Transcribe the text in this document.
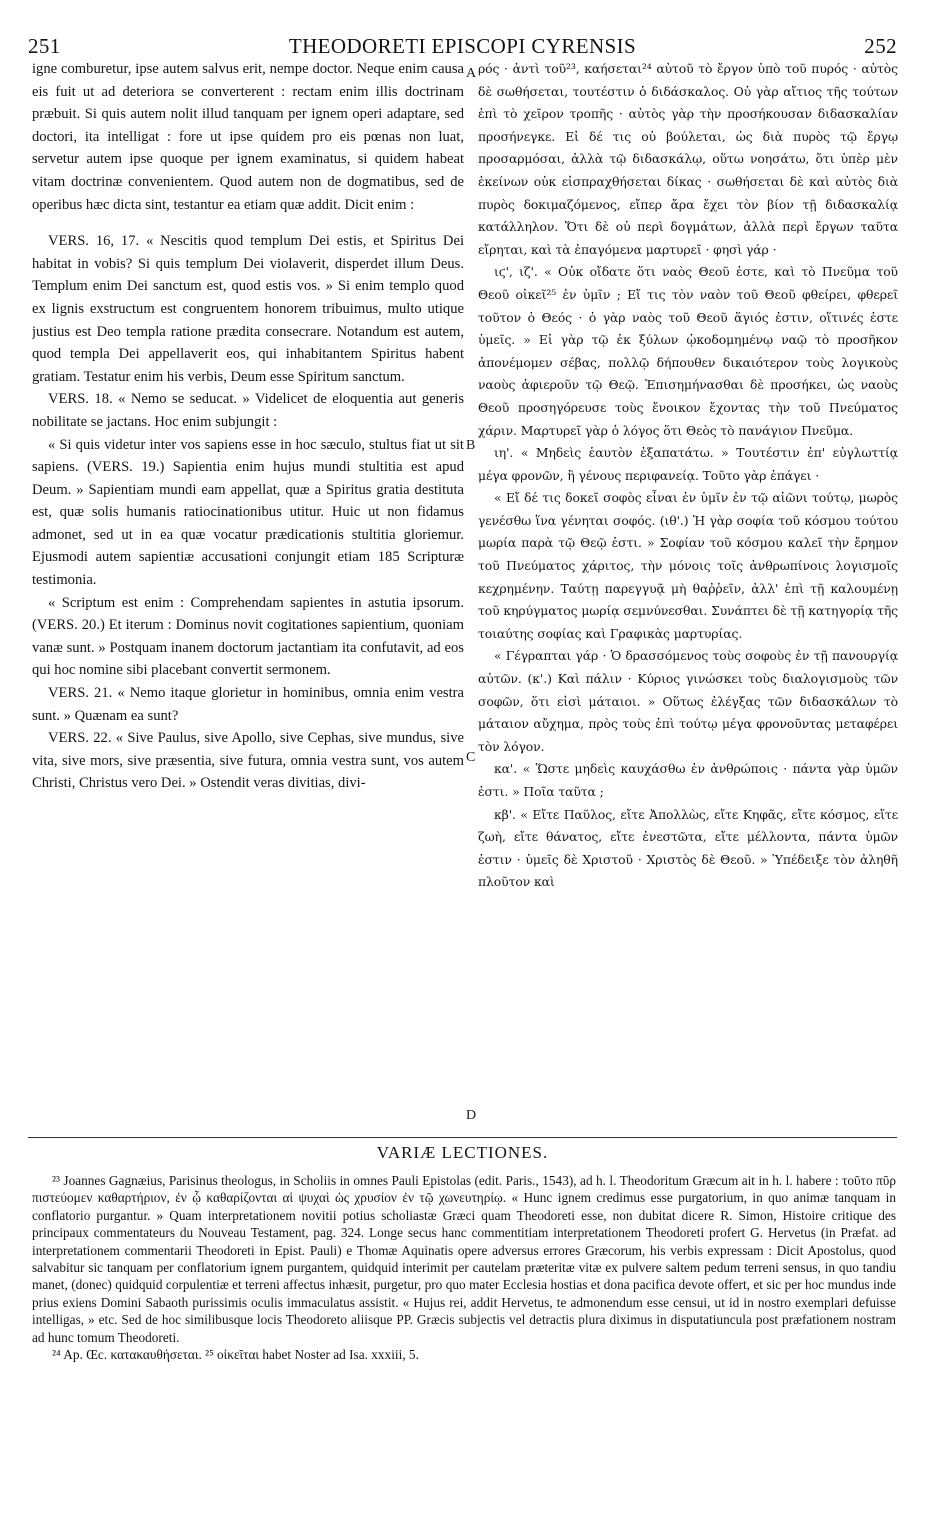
251	THEODORETI EPISCOPI CYRENSIS	252

igne comburetur, ipse autem salvus erit, nempe doctor. Neque enim causa eis fuit ut ad deteriora se converterent : rectam enim illis doctrinam præbuit. Si quis autem nolit illud tanquam per ignem operi adaptare, sed doctori, ita intelligat : fore ut ipse quidem pro eis pœnas non luat, servetur autem ipse quoque per ignem examinatus, si quidem habeat vitam doctrinæ convenientem. Quod autem non de dogmatibus, sed de operibus hæc dicta sint, testantur ea etiam quæ addit. Dicit enim :

VERS. 16, 17. « Nescitis quod templum Dei estis, et Spiritus Dei habitat in vobis? Si quis templum Dei violaverit, disperdet illum Deus. Templum enim Dei sanctum est, quod estis vos. » Si enim templo quod ex lignis exstructum est congruentem honorem tribuimus, multo utique justius est Deo templa ratione prædita consecrare. Notandum est autem, quod templa Dei appellaverit eos, qui inhabitantem Spiritus habent gratiam. Testatur enim his verbis, Deum esse Spiritum sanctum.

VERS. 18. « Nemo se seducat. » Videlicet de eloquentia aut generis nobilitate se jactans. Hoc enim subjungit :

« Si quis videtur inter vos sapiens esse in hoc sæculo, stultus fiat ut sit sapiens. (VERS. 19.) Sapientia enim hujus mundi stultitia est apud Deum. » Sapientiam mundi eam appellat, quæ a Spiritus gratia destituta est, quæ solis humanis ratiocinationibus utitur. Huic ut non fidamus admonet, sed ut in ea quæ vocatur prædicationis stultitia gloriemur. Ejusmodi autem sapientiæ accusationi conjungit etiam 185 Scripturæ testimonia.

« Scriptum est enim : Comprehendam sapientes in astutia ipsorum. (VERS. 20.) Et iterum : Dominus novit cogitationes sapientium, quoniam vanæ sunt. » Postquam inanem doctorum jactantiam ita confutavit, ad eos qui hoc nomine sibi placebant convertit sermonem.

VERS. 21. « Nemo itaque glorietur in hominibus, omnia enim vestra sunt. » Quænam ea sunt?

VERS. 22. « Sive Paulus, sive Apollo, sive Cephas, sive mundus, sive vita, sive mors, sive præsentia, sive futura, omnia vestra sunt, vos autem Christi, Christus vero Dei. » Ostendit veras divitias, divi-

A
B
C
D

ρός · ἀντὶ τοῦ²³, καήσεται²⁴ αὐτοῦ τὸ ἔργον ὑπὸ τοῦ πυρός · αὐτὸς δὲ σωθήσεται, τουτέστιν ὁ διδάσκαλος. Οὐ γὰρ αἴτιος τῆς τούτων ἐπὶ τὸ χεῖρον τροπῆς · αὐτὸς γὰρ τὴν προσήκουσαν διδασκαλίαν προσήνεγκε. Εἰ δέ τις οὐ βούλεται, ὡς διὰ πυρὸς τῷ ἔργῳ προσαρμόσαι, ἀλλὰ τῷ διδασκάλῳ, οὕτω νοησάτω, ὅτι ὑπὲρ μὲν ἐκείνων οὐκ εἰσπραχθήσεται δίκας · σωθήσεται δὲ καὶ αὐτὸς διὰ πυρὸς δοκιμαζόμενος, εἴπερ ἄρα ἔχει τὸν βίον τῇ διδασκαλίᾳ κατάλληλον. Ὅτι δὲ οὐ περὶ δογμάτων, ἀλλὰ περὶ ἔργων ταῦτα εἴρηται, καὶ τὰ ἐπαγόμενα μαρτυρεῖ · φησὶ γάρ ·

ιϛ', ιζ'. « Οὐκ οἴδατε ὅτι ναὸς Θεοῦ ἐστε, καὶ τὸ Πνεῦμα τοῦ Θεοῦ οἰκεῖ²⁵ ἐν ὑμῖν ; Εἴ τις τὸν ναὸν τοῦ Θεοῦ φθείρει, φθερεῖ τοῦτον ὁ Θεός · ὁ γὰρ ναὸς τοῦ Θεοῦ ἅγιός ἐστιν, οἵτινές ἐστε ὑμεῖς. » Εἰ γὰρ τῷ ἐκ ξύλων ᾠκοδομημένῳ ναῷ τὸ προσῆκον ἀπονέμομεν σέβας, πολλῷ δήπουθεν δικαιότερον τοὺς λογικοὺς ναοὺς ἀφιεροῦν τῷ Θεῷ. Ἐπισημήνασθαι δὲ προσήκει, ὡς ναοὺς Θεοῦ προσηγόρευσε τοὺς ἔνοικον ἔχοντας τὴν τοῦ Πνεύματος χάριν. Μαρτυρεῖ γὰρ ὁ λόγος ὅτι Θεὸς τὸ πανάγιον Πνεῦμα.

ιη'. « Μηδεὶς ἑαυτὸν ἐξαπατάτω. » Τουτέστιν ἐπ' εὐγλωττίᾳ μέγα φρονῶν, ἢ γένους περιφανείᾳ. Τοῦτο γὰρ ἐπάγει ·

« Εἴ δέ τις δοκεῖ σοφὸς εἶναι ἐν ὑμῖν ἐν τῷ αἰῶνι τούτῳ, μωρὸς γενέσθω ἵνα γένηται σοφός. (ιθ'.) Ἡ γὰρ σοφία τοῦ κόσμου τούτου μωρία παρὰ τῷ Θεῷ ἐστι. » Σοφίαν τοῦ κόσμου καλεῖ τὴν ἔρημον τοῦ Πνεύματος χάριτος, τὴν μόνοις τοῖς ἀνθρωπίνοις λογισμοῖς κεχρημένην. Ταύτῃ παρεγγυᾷ μὴ θαῤῥεῖν, ἀλλ' ἐπὶ τῇ καλουμένῃ τοῦ κηρύγματος μωρίᾳ σεμνύνεσθαι. Συνάπτει δὲ τῇ κατηγορίᾳ τῆς τοιαύτης σοφίας καὶ Γραφικὰς μαρτυρίας.

« Γέγραπται γάρ · Ὁ δρασσόμενος τοὺς σοφοὺς ἐν τῇ πανουργίᾳ αὐτῶν. (κ'.) Καὶ πάλιν · Κύριος γινώσκει τοὺς διαλογισμοὺς τῶν σοφῶν, ὅτι εἰσὶ μάταιοι. » Οὕτως ἐλέγξας τῶν διδασκάλων τὸ μάταιον αὔχημα, πρὸς τοὺς ἐπὶ τούτῳ μέγα φρονοῦντας μεταφέρει τὸν λόγον.

κα'. « Ὥστε μηδεὶς καυχάσθω ἐν ἀνθρώποις · πάντα γὰρ ὑμῶν ἐστι. » Ποῖα ταῦτα ;

κβ'. « Εἴτε Παῦλος, εἴτε Ἀπολλὼς, εἴτε Κηφᾶς, εἴτε κόσμος, εἴτε ζωὴ, εἴτε θάνατος, εἴτε ἐνεστῶτα, εἴτε μέλλοντα, πάντα ὑμῶν ἐστιν · ὑμεῖς δὲ Χριστοῦ · Χριστὸς δὲ Θεοῦ. » Ὑπέδειξε τὸν ἀληθῆ πλοῦτον καὶ

VARIÆ LECTIONES.

²³ Joannes Gagnæius, Parisinus theologus, in Scholiis in omnes Pauli Epistolas (edit. Paris., 1543), ad h. l. Theodoritum Græcum ait in h. l. habere : τοῦτο πῦρ πιστεύομεν καθαρτήριον, ἐν ᾧ καθαρίζονται αἱ ψυχαὶ ὡς χρυσίον ἐν τῷ χωνευτηρίῳ. « Hunc ignem credimus esse purgatorium, in quo animæ tanquam in conflatorio purgantur. » Quam interpretationem novitii potius scholiastæ Græci quam Theodoreti esse, non dubitat dicere R. Simon, Histoire critique des principaux commentateurs du Nouveau Testament, pag. 324. Longe secus hanc commentitiam interpretationem Theodoreti profert G. Hervetus (in Præfat. ad interpretationem commentarii Theodoreti in Epist. Pauli) e Thomæ Aquinatis opere adversus errores Græcorum, his verbis expressam : Dicit Apostolus, quod salvabitur sic tanquam per conflatorium ignem purgantem, quidquid interimit per cautelam præteritæ vitæ ex pulvere saltem pedum terreni sensus, in quo tandiu manet, (donec) quidquid corpulentiæ et terreni affectus inhæsit, purgetur, pro quo mater Ecclesia hostias et dona pacifica devote offert, et sic per hoc mundus inde prius exiens Domini Sabaoth purissimis oculis immaculatus assistit. « Hujus rei, addit Hervetus, te admonendum esse censui, ut id in nostro exemplari defuisse intelligas, » etc. Sed de hoc similibusque locis Theodoreto aliisque PP. Græcis subjectis vel detractis plura diximus in disputatiuncula post præfationem nostram ad hunc tomum Theodoreti.

²⁴ Ap. Œc. κατακαυθήσεται. ²⁵ οἰκεῖται habet Noster ad Isa. xxxiii, 5.
